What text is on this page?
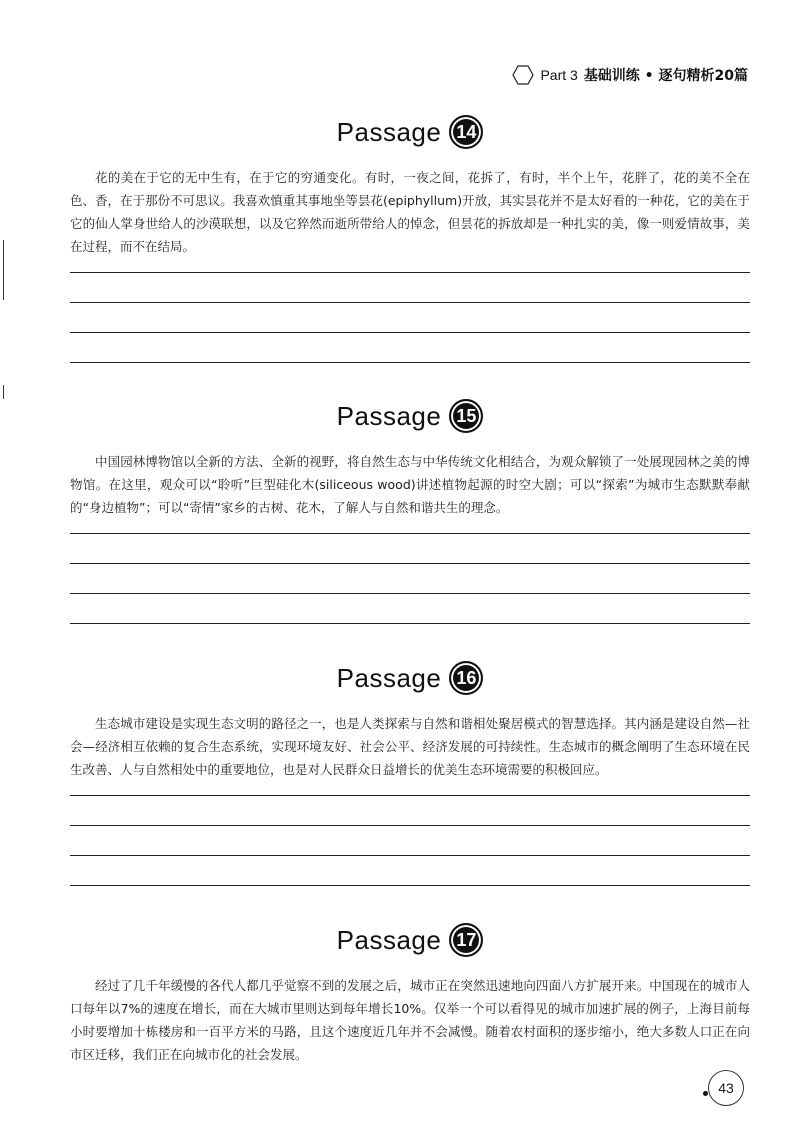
Part 3 基础训练 • 逐句精析20篇
Passage 14
花的美在于它的无中生有，在于它的穷通变化。有时，一夜之间，花拆了，有时，半个上午，花胖了，花的美不全在色、香，在于那份不可思议。我喜欢慎重其事地坐等昙花(epiphyllum)开放，其实昙花并不是太好看的一种花，它的美在于它的仙人掌身世给人的沙漠联想，以及它猝然而逝所带给人的悼念，但昙花的拆放却是一种扎实的美，像一则爱情故事，美在过程，而不在结局。
Passage 15
中国园林博物馆以全新的方法、全新的视野，将自然生态与中华传统文化相结合，为观众解锁了一处展现园林之美的博物馆。在这里，观众可以“聆听”巨型硅化木(siliceous wood)讲述植物起源的时空大剧；可以“探索”为城市生态默默奉献的“身边植物”；可以“寄情”家乡的古树、花木，了解人与自然和谐共生的理念。
Passage 16
生态城市建设是实现生态文明的路径之一，也是人类探索与自然和谐相处聚居模式的智慧选择。其内涵是建设自然—社会—经济相互依赖的复合生态系统，实现环境友好、社会公平、经济发展的可持续性。生态城市的概念阐明了生态环境在民生改善、人与自然相处中的重要地位，也是对人民群众日益增长的优美生态环境需要的积极回应。
Passage 17
经过了几千年缓慢的各代人都几乎觉察不到的发展之后，城市正在突然迅速地向四面八方扩展开来。中国现在的城市人口每年以7%的速度在增长，而在大城市里则达到每年增长10%。仅举一个可以看得见的城市加速扩展的例子，上海目前每小时要增加十栋楼房和一百平方米的马路，且这个速度近几年并不会减慢。随着农村面积的逐步缩小，绝大多数人口正在向市区迁移，我们正在向城市化的社会发展。
43
